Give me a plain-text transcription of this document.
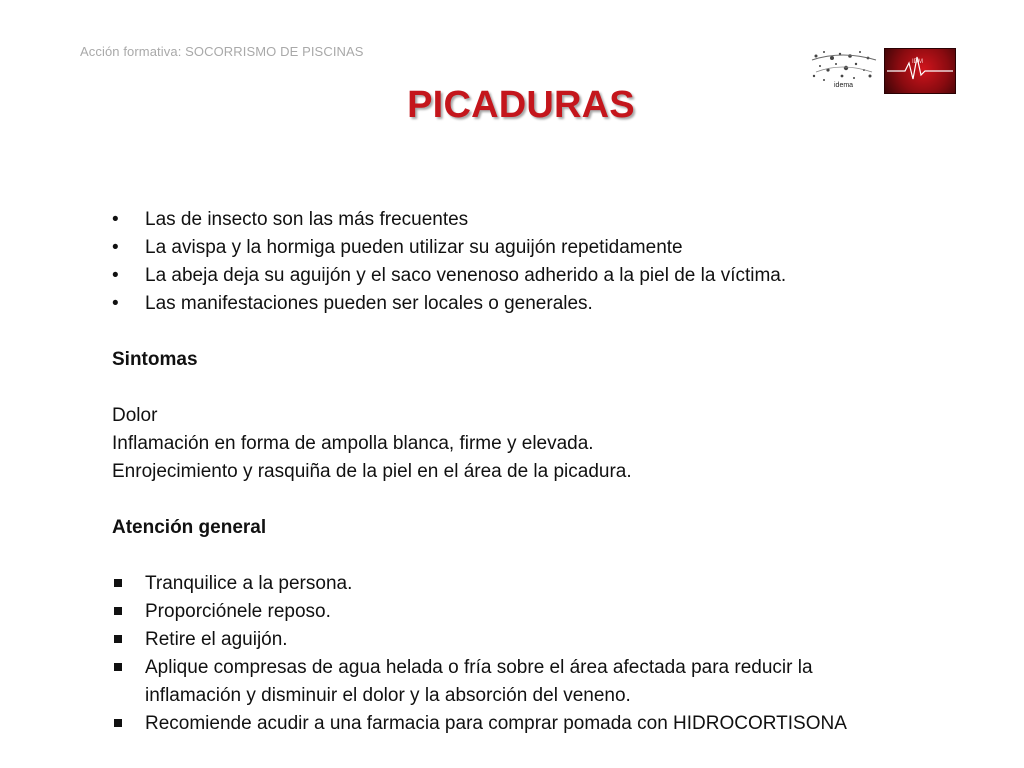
Acción formativa: SOCORRISMO DE PISCINAS
idema
IDM
PICADURAS
•	Las de insecto son las más frecuentes
•	La avispa y la hormiga pueden utilizar su aguijón repetidamente
•	La abeja deja su aguijón y el saco venenoso adherido a la piel de la víctima.
•	Las manifestaciones pueden ser locales o generales.
Sintomas
Dolor
Inflamación en forma de ampolla blanca, firme y elevada.
Enrojecimiento y rasquiña de la piel en el área de la picadura.
Atención general
Tranquilice a la persona.
Proporciónele reposo.
Retire el aguijón.
Aplique compresas de agua helada o fría sobre el área afectada para reducir la inflamación y disminuir el dolor y la absorción del veneno.
Recomiende acudir a una farmacia para comprar pomada con HIDROCORTISONA
